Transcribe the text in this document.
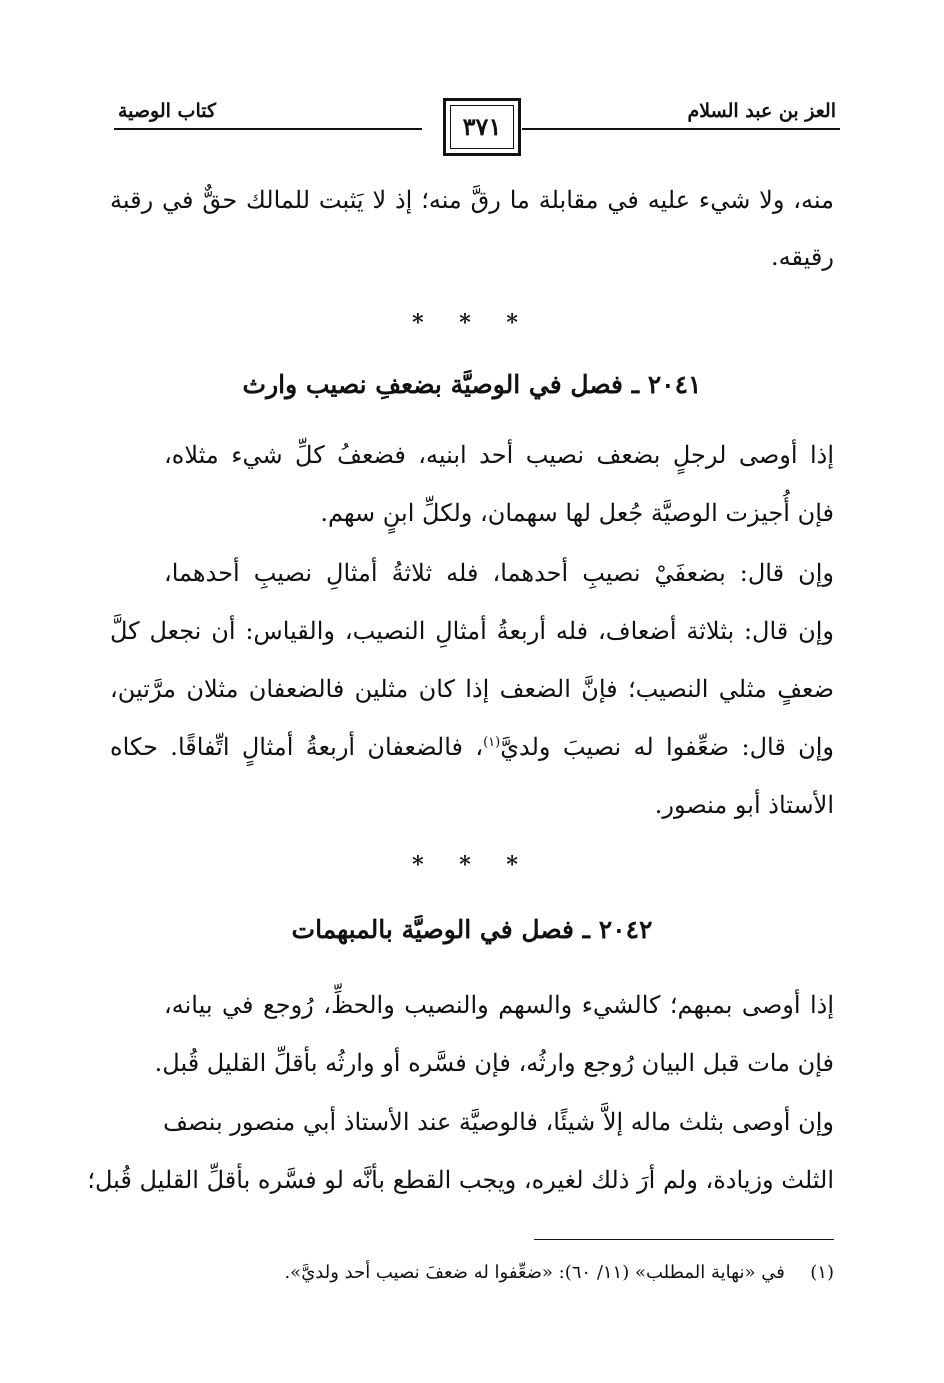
العز بن عبد السلام
كتاب الوصية
٣٧١
منه، ولا شيء عليه في مقابلة ما رقَّ منه؛ إذ لا يَثبت للمالك حقٌّ في رقبة
رقيقه.
* * *
٢٠٤١ ـ فصل في الوصيَّة بضعفِ نصيب وارث
إذا أوصى لرجلٍ بضعف نصيب أحد ابنيه، فضعفُ كلِّ شيء مثلاه،
فإن أُجيزت الوصيَّة جُعل لها سهمان، ولكلِّ ابنٍ سهم.
وإن قال: بضعفَيْ نصيبِ أحدهما، فله ثلاثةُ أمثالِ نصيبِ أحدهما،
وإن قال: بثلاثة أضعاف، فله أربعةُ أمثالِ النصيب، والقياس: أن نجعل كلَّ
ضعفٍ مثلي النصيب؛ فإنَّ الضعف إذا كان مثلين فالضعفان مثلان مرَّتين،
وإن قال: ضعِّفوا له نصيبَ ولديَّ$^{(١)}$، فالضعفان أربعةُ أمثالٍ اتِّفاقًا. حكاه
الأستاذ أبو منصور.
* * *
٢٠٤٢ ـ فصل في الوصيَّة بالمبهمات
إذا أوصى بمبهم؛ كالشيء والسهم والنصيب والحظِّ، رُوجع في بيانه،
فإن مات قبل البيان رُوجع وارثُه، فإن فسَّره أو وارثُه بأقلِّ القليل قُبل.
وإن أوصى بثلث ماله إلاَّ شيئًا، فالوصيَّة عند الأستاذ أبي منصور بنصف
الثلث وزيادة، ولم أرَ ذلك لغيره، ويجب القطع بأنَّه لو فسَّره بأقلِّ القليل قُبل؛
(١)  في «نهاية المطلب» (١١/ ٦٠): «ضعِّفوا له ضعفَ نصيب أحد ولديَّ».
